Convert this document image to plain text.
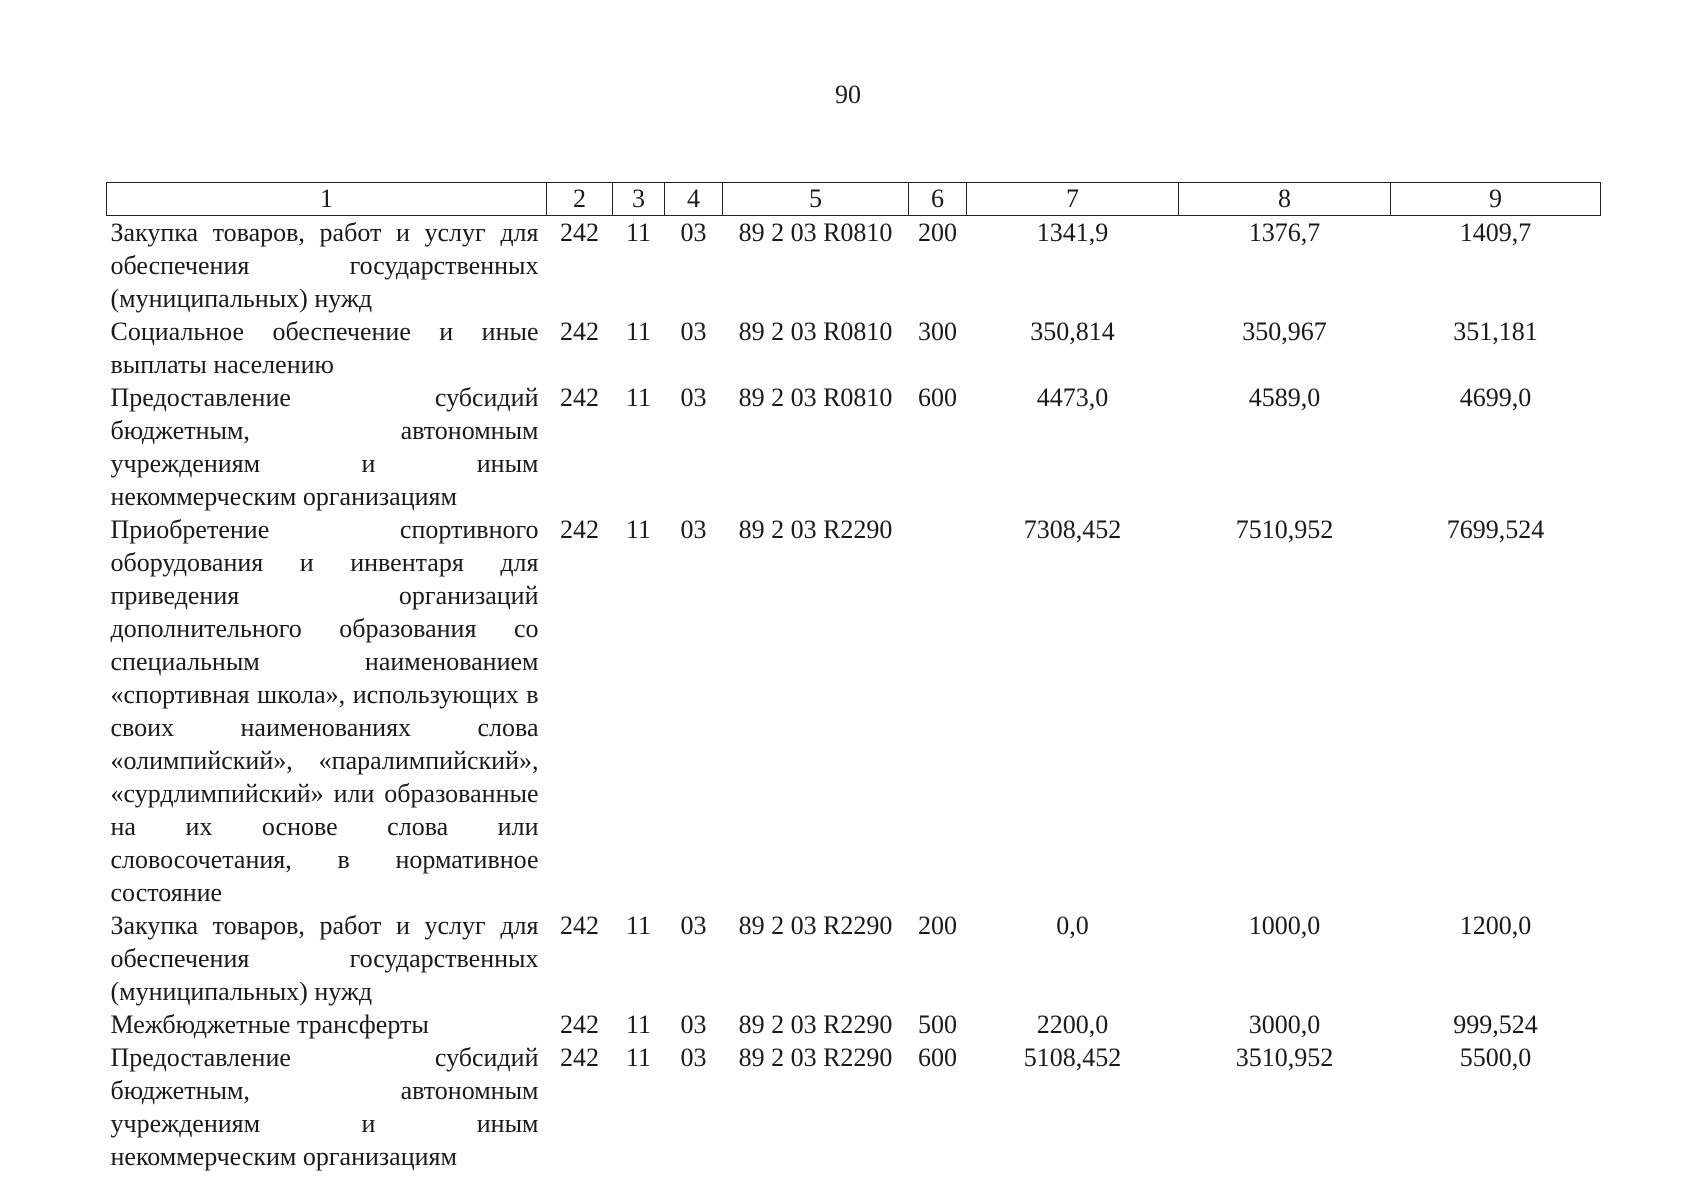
90
1	2	3	4	5	6	7	8	9
Закупка товаров, работ и услуг для обеспечения государственных (муниципальных) нужд	242	11	03	89 2 03 R0810	200	1341,9	1376,7	1409,7
Социальное обеспечение и иные выплаты населению	242	11	03	89 2 03 R0810	300	350,814	350,967	351,181
Предоставление субсидий бюджетным, автономным учреждениям и иным некоммерческим организациям	242	11	03	89 2 03 R0810	600	4473,0	4589,0	4699,0
Приобретение спортивного оборудования и инвентаря для приведения организаций дополнительного образования со специальным наименованием «спортивная школа», использующих в своих наименованиях слова «олимпийский», «паралимпийский», «сурдлимпийский» или образованные на их основе слова или словосочетания, в нормативное состояние	242	11	03	89 2 03 R2290		7308,452	7510,952	7699,524
Закупка товаров, работ и услуг для обеспечения государственных (муниципальных) нужд	242	11	03	89 2 03 R2290	200	0,0	1000,0	1200,0
Межбюджетные трансферты	242	11	03	89 2 03 R2290	500	2200,0	3000,0	999,524
Предоставление субсидий бюджетным, автономным учреждениям и иным некоммерческим организациям	242	11	03	89 2 03 R2290	600	5108,452	3510,952	5500,0
